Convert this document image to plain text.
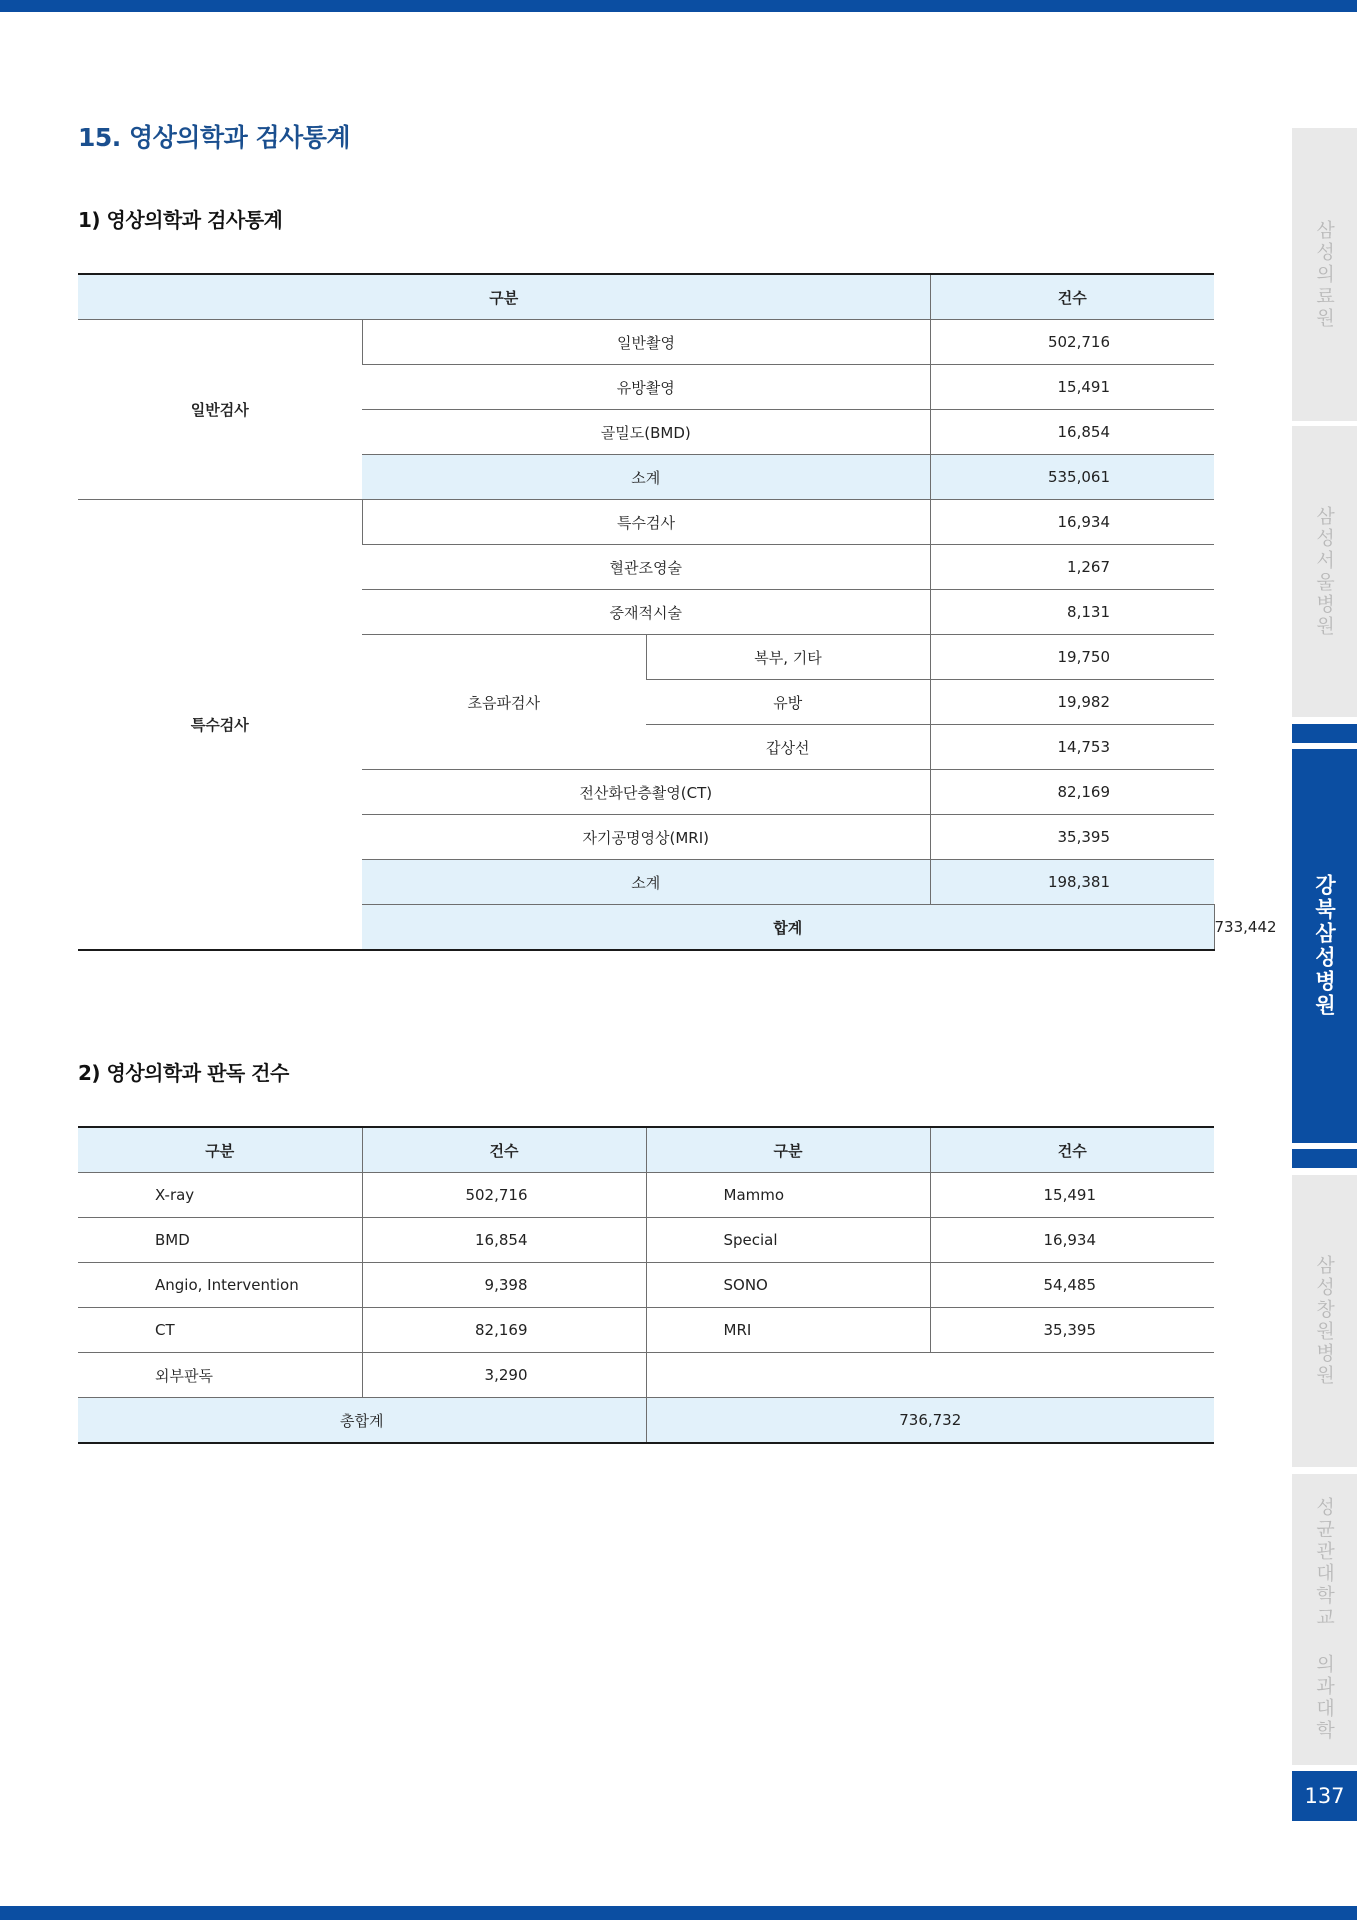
15. 영상의학과 검사통계
1) 영상의학과 검사통계
구분			건수	
일반검사	일반촬영		502,716	
	유방촬영		15,491	
	골밀도(BMD)		16,854	
	소계		535,061	
특수검사	특수검사		16,934	
	혈관조영술		1,267	
	중재적시술		8,131	
	초음파검사	복부, 기타	19,750	
		유방	19,982	
		갑상선	14,753	
	전산화단층촬영(CT)		82,169	
	자기공명영상(MRI)		35,395	
	소계		198,381	
	합계			733,442
2) 영상의학과 판독 건수
구분	건수	구분	건수
X-ray	502,716	Mammo	15,491
BMD	16,854	Special	16,934
Angio, Intervention	9,398	SONO	54,485
CT	82,169	MRI	35,395
외부판독	3,290		
총합계		736,732	
삼성의료원
삼성서울병원
강북삼성병원
삼성창원병원
성균관대학교 의과대학
137
